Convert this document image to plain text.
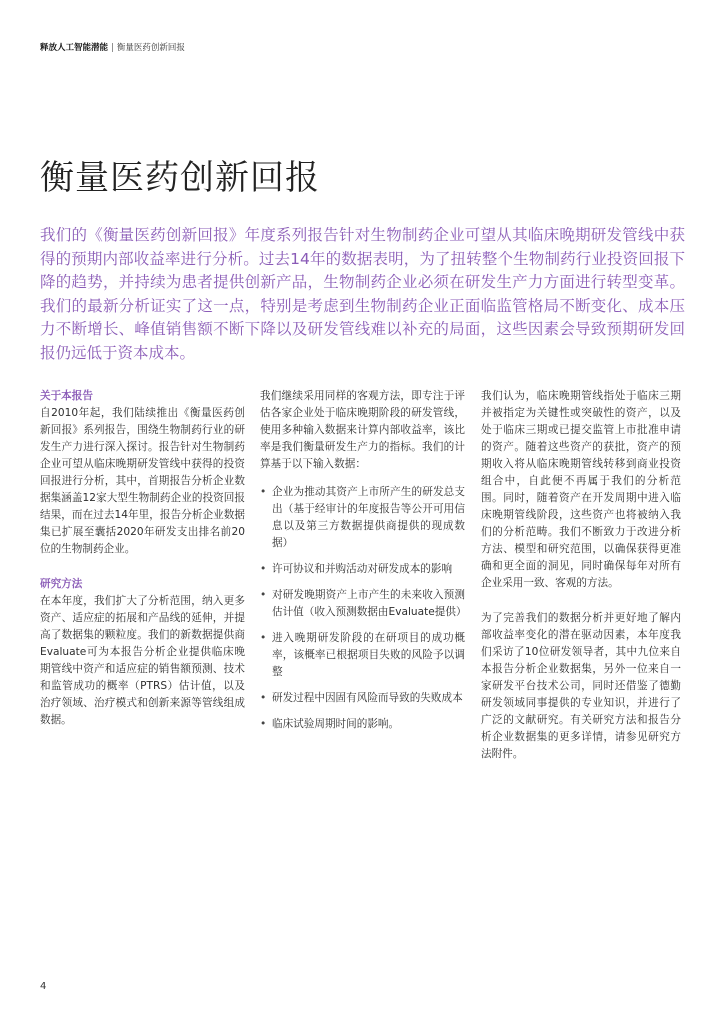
释放人工智能潜能 | 衡量医药创新回报
衡量医药创新回报

我们的《衡量医药创新回报》年度系列报告针对生物制药企业可望从其临床晚期研发管线中获得的预期内部收益率进行分析。过去14年的数据表明，为了扭转整个生物制药行业投资回报下降的趋势，并持续为患者提供创新产品，生物制药企业必须在研发生产力方面进行转型变革。我们的最新分析证实了这一点，特别是考虑到生物制药企业正面临监管格局不断变化、成本压力不断增长、峰值销售额不断下降以及研发管线难以补充的局面，这些因素会导致预期研发回报仍远低于资本成本。

关于本报告

自2010年起，我们陆续推出《衡量医药创新回报》系列报告，围绕生物制药行业的研发生产力进行深入探讨。报告针对生物制药企业可望从临床晚期研发管线中获得的投资回报进行分析，其中，首期报告分析企业数据集涵盖12家大型生物制药企业的投资回报结果，而在过去14年里，报告分析企业数据集已扩展至囊括2020年研发支出排名前20位的生物制药企业。

研究方法

在本年度，我们扩大了分析范围，纳入更多资产、适应症的拓展和产品线的延伸，并提高了数据集的颗粒度。我们的新数据提供商Evaluate可为本报告分析企业提供临床晚期管线中资产和适应症的销售额预测、技术和监管成功的概率（PTRS）估计值，以及治疗领域、治疗模式和创新来源等管线组成数据。

我们继续采用同样的客观方法，即专注于评估各家企业处于临床晚期阶段的研发管线，使用多种输入数据来计算内部收益率，该比率是我们衡量研发生产力的指标。我们的计算基于以下输入数据：

• 企业为推动其资产上市所产生的研发总支出（基于经审计的年度报告等公开可用信息以及第三方数据提供商提供的现成数据）
• 许可协议和并购活动对研发成本的影响
• 对研发晚期资产上市产生的未来收入预测估计值（收入预测数据由Evaluate提供）
• 进入晚期研发阶段的在研项目的成功概率，该概率已根据项目失败的风险予以调整
• 研发过程中因固有风险而导致的失败成本
• 临床试验周期时间的影响。

我们认为，临床晚期管线指处于临床三期并被指定为关键性或突破性的资产，以及处于临床三期或已提交监管上市批准申请的资产。随着这些资产的获批，资产的预期收入将从临床晚期管线转移到商业投资组合中，自此便不再属于我们的分析范围。同时，随着资产在开发周期中进入临床晚期管线阶段，这些资产也将被纳入我们的分析范畴。我们不断致力于改进分析方法、模型和研究范围，以确保获得更准确和更全面的洞见，同时确保每年对所有企业采用一致、客观的方法。

为了完善我们的数据分析并更好地了解内部收益率变化的潜在驱动因素，本年度我们采访了10位研发领导者，其中九位来自本报告分析企业数据集，另外一位来自一家研发平台技术公司，同时还借鉴了德勤研发领域同事提供的专业知识，并进行了广泛的文献研究。有关研究方法和报告分析企业数据集的更多详情，请参见研究方法附件。

4
